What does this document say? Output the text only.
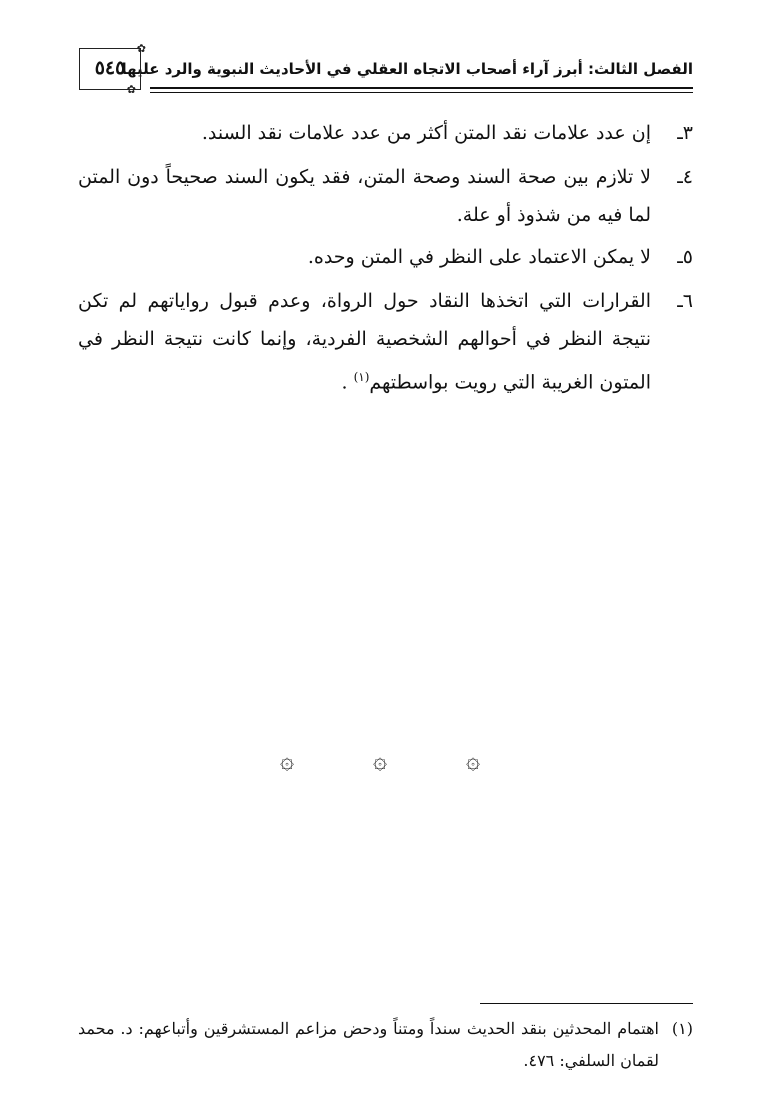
الفصل الثالث: أبرز آراء أصحاب الاتجاه العقلي في الأحاديث النبوية والرد عليها
✿
✿
٥٤٥
٣ـ
إن عدد علامات نقد المتن أكثر من عدد علامات نقد السند.
٤ـ
لا تلازم بين صحة السند وصحة المتن، فقد يكون السند صحيحاً دون المتن لما فيه من شذوذ أو علة.
٥ـ
لا يمكن الاعتماد على النظر في المتن وحده.
٦ـ
القرارات التي اتخذها النقاد حول الرواة، وعدم قبول رواياتهم لم تكن نتيجة النظر في أحوالهم الشخصية الفردية، وإنما كانت نتيجة النظر في المتون الغريبة التي رويت بواسطتهم$^{(١)}$ .
۞	۞	۞
(١)
اهتمام المحدثين بنقد الحديث سنداً ومتناً ودحض مزاعم المستشرقين وأتباعهم: د. محمد لقمان السلفي: ٤٧٦.
